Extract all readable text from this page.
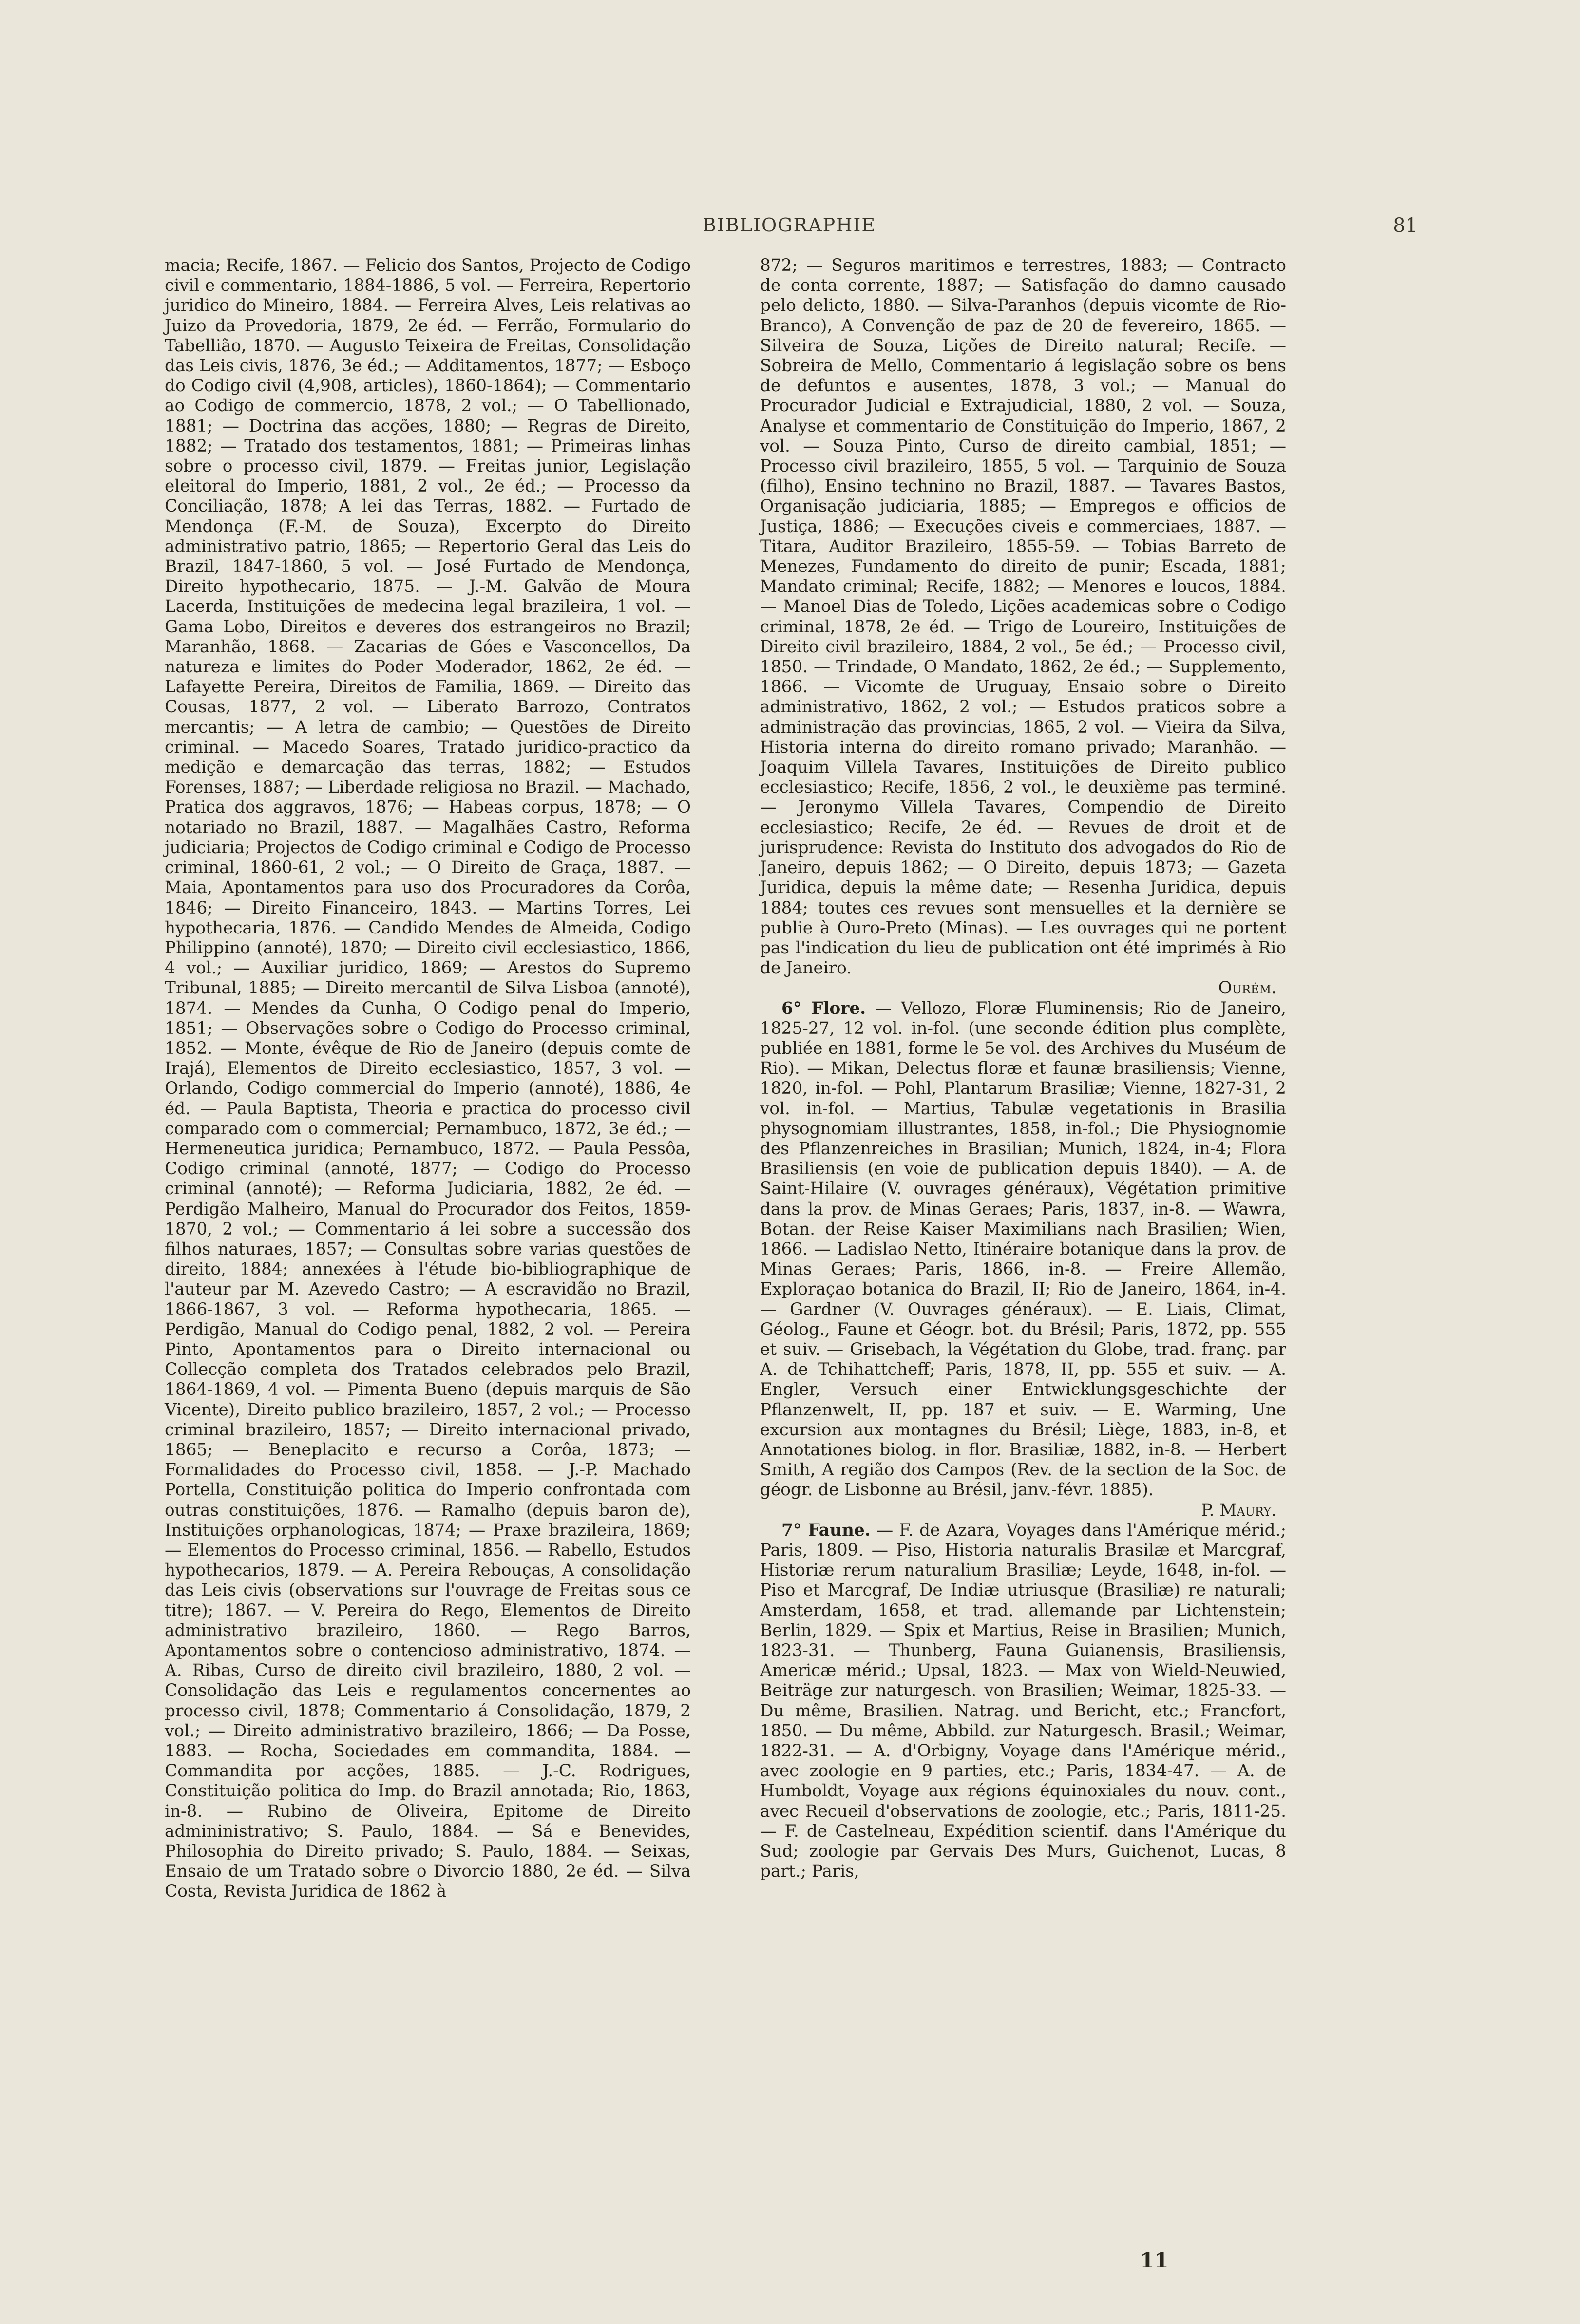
BIBLIOGRAPHIE	81

macia; Recife, 1867. — Felicio dos Santos, Projecto de Codigo civil e commentario, 1884-1886, 5 vol. — Ferreira, Repertorio juridico do Mineiro, 1884. — Ferreira Alves, Leis relativas ao Juizo da Provedoria, 1879, 2e éd. — Ferrão, Formulario do Tabellião, 1870. — Augusto Teixeira de Freitas, Consolidação das Leis civis, 1876, 3e éd.; — Additamentos, 1877; — Esboço do Codigo civil (4,908, articles), 1860-1864); — Commentario ao Codigo de commercio, 1878, 2 vol.; — O Tabellionado, 1881; — Doctrina das acções, 1880; — Regras de Direito, 1882; — Tratado dos testamentos, 1881; — Primeiras linhas sobre o processo civil, 1879. — Freitas junior, Legislação eleitoral do Imperio, 1881, 2 vol., 2e éd.; — Processo da Conciliação, 1878; A lei das Terras, 1882. — Furtado de Mendonça (F.-M. de Souza), Excerpto do Direito administrativo patrio, 1865; — Repertorio Geral das Leis do Brazil, 1847-1860, 5 vol. — José Furtado de Mendonça, Direito hypothecario, 1875. — J.-M. Galvão de Moura Lacerda, Instituições de medecina legal brazileira, 1 vol. — Gama Lobo, Direitos e deveres dos estrangeiros no Brazil; Maranhão, 1868. — Zacarias de Góes e Vasconcellos, Da natureza e limites do Poder Moderador, 1862, 2e éd. — Lafayette Pereira, Direitos de Familia, 1869. — Direito das Cousas, 1877, 2 vol. — Liberato Barrozo, Contratos mercantis; — A letra de cambio; — Questões de Direito criminal. — Macedo Soares, Tratado juridico-practico da medição e demarcação das terras, 1882; — Estudos Forenses, 1887; — Liberdade religiosa no Brazil. — Machado, Pratica dos aggravos, 1876; — Habeas corpus, 1878; — O notariado no Brazil, 1887. — Magalhães Castro, Reforma judiciaria; Projectos de Codigo criminal e Codigo de Processo criminal, 1860-61, 2 vol.; — O Direito de Graça, 1887. — Maia, Apontamentos para uso dos Procuradores da Corôa, 1846; — Direito Financeiro, 1843. — Martins Torres, Lei hypothecaria, 1876. — Candido Mendes de Almeida, Codigo Philippino (annoté), 1870; — Direito civil ecclesiastico, 1866, 4 vol.; — Auxiliar juridico, 1869; — Arestos do Supremo Tribunal, 1885; — Direito mercantil de Silva Lisboa (annoté), 1874. — Mendes da Cunha, O Codigo penal do Imperio, 1851; — Observações sobre o Codigo do Processo criminal, 1852. — Monte, évêque de Rio de Janeiro (depuis comte de Irajá), Elementos de Direito ecclesiastico, 1857, 3 vol. — Orlando, Codigo commercial do Imperio (annoté), 1886, 4e éd. — Paula Baptista, Theoria e practica do processo civil comparado com o commercial; Pernambuco, 1872, 3e éd.; — Hermeneutica juridica; Pernambuco, 1872. — Paula Pessôa, Codigo criminal (annoté, 1877; — Codigo do Processo criminal (annoté); — Reforma Judiciaria, 1882, 2e éd. — Perdigão Malheiro, Manual do Procurador dos Feitos, 1859-1870, 2 vol.; — Commentario á lei sobre a successão dos filhos naturaes, 1857; — Consultas sobre varias questões de direito, 1884; annexées à l'étude bio-bibliographique de l'auteur par M. Azevedo Castro; — A escravidão no Brazil, 1866-1867, 3 vol. — Reforma hypothecaria, 1865. — Perdigão, Manual do Codigo penal, 1882, 2 vol. — Pereira Pinto, Apontamentos para o Direito internacional ou Collecção completa dos Tratados celebrados pelo Brazil, 1864-1869, 4 vol. — Pimenta Bueno (depuis marquis de São Vicente), Direito publico brazileiro, 1857, 2 vol.; — Processo criminal brazileiro, 1857; — Direito internacional privado, 1865; — Beneplacito e recurso a Corôa, 1873; — Formalidades do Processo civil, 1858. — J.-P. Machado Portella, Constituição politica do Imperio confrontada com outras constituições, 1876. — Ramalho (depuis baron de), Instituições orphanologicas, 1874; — Praxe brazileira, 1869; — Elementos do Processo criminal, 1856. — Rabello, Estudos hypothecarios, 1879. — A. Pereira Rebouças, A consolidação das Leis civis (observations sur l'ouvrage de Freitas sous ce titre); 1867. — V. Pereira do Rego, Elementos de Direito administrativo brazileiro, 1860. — Rego Barros, Apontamentos sobre o contencioso administrativo, 1874. — A. Ribas, Curso de direito civil brazileiro, 1880, 2 vol. — Consolidação das Leis e regulamentos concernentes ao processo civil, 1878; Commentario á Consolidação, 1879, 2 vol.; — Direito administrativo brazileiro, 1866; — Da Posse, 1883. — Rocha, Sociedades em commandita, 1884. — Commandita por acções, 1885. — J.-C. Rodrigues, Constituição politica do Imp. do Brazil annotada; Rio, 1863, in-8. — Rubino de Oliveira, Epitome de Direito admininistrativo; S. Paulo, 1884. — Sá e Benevides, Philosophia do Direito privado; S. Paulo, 1884. — Seixas, Ensaio de um Tratado sobre o Divorcio 1880, 2e éd. — Silva Costa, Revista Juridica de 1862 à

872; — Seguros maritimos e terrestres, 1883; — Contracto de conta corrente, 1887; — Satisfação do damno causado pelo delicto, 1880. — Silva-Paranhos (depuis vicomte de Rio-Branco), A Convenção de paz de 20 de fevereiro, 1865. — Silveira de Souza, Lições de Direito natural; Recife. — Sobreira de Mello, Commentario á legislação sobre os bens de defuntos e ausentes, 1878, 3 vol.; — Manual do Procurador Judicial e Extrajudicial, 1880, 2 vol. — Souza, Analyse et commentario de Constituição do Imperio, 1867, 2 vol. — Souza Pinto, Curso de direito cambial, 1851; — Processo civil brazileiro, 1855, 5 vol. — Tarquinio de Souza (filho), Ensino technino no Brazil, 1887. — Tavares Bastos, Organisação judiciaria, 1885; — Empregos e officios de Justiça, 1886; — Execuções civeis e commerciaes, 1887. — Titara, Auditor Brazileiro, 1855-59. — Tobias Barreto de Menezes, Fundamento do direito de punir; Escada, 1881; Mandato criminal; Recife, 1882; — Menores e loucos, 1884. — Manoel Dias de Toledo, Lições academicas sobre o Codigo criminal, 1878, 2e éd. — Trigo de Loureiro, Instituições de Direito civil brazileiro, 1884, 2 vol., 5e éd.; — Processo civil, 1850. — Trindade, O Mandato, 1862, 2e éd.; — Supplemento, 1866. — Vicomte de Uruguay, Ensaio sobre o Direito administrativo, 1862, 2 vol.; — Estudos praticos sobre a administração das provincias, 1865, 2 vol. — Vieira da Silva, Historia interna do direito romano privado; Maranhão. — Joaquim Villela Tavares, Instituições de Direito publico ecclesiastico; Recife, 1856, 2 vol., le deuxième pas terminé. — Jeronymo Villela Tavares, Compendio de Direito ecclesiastico; Recife, 2e éd. — Revues de droit et de jurisprudence: Revista do Instituto dos advogados do Rio de Janeiro, depuis 1862; — O Direito, depuis 1873; — Gazeta Juridica, depuis la même date; — Resenha Juridica, depuis 1884; toutes ces revues sont mensuelles et la dernière se publie à Ouro-Preto (Minas). — Les ouvrages qui ne portent pas l'indication du lieu de publication ont été imprimés à Rio de Janeiro.

Ourém.

6° Flore. — Vellozo, Floræ Fluminensis; Rio de Janeiro, 1825-27, 12 vol. in-fol. (une seconde édition plus complète, publiée en 1881, forme le 5e vol. des Archives du Muséum de Rio). — Mikan, Delectus floræ et faunæ brasiliensis; Vienne, 1820, in-fol. — Pohl, Plantarum Brasiliæ; Vienne, 1827-31, 2 vol. in-fol. — Martius, Tabulæ vegetationis in Brasilia physognomiam illustrantes, 1858, in-fol.; Die Physiognomie des Pflanzenreiches in Brasilian; Munich, 1824, in-4; Flora Brasiliensis (en voie de publication depuis 1840). — A. de Saint-Hilaire (V. ouvrages généraux), Végétation primitive dans la prov. de Minas Geraes; Paris, 1837, in-8. — Wawra, Botan. der Reise Kaiser Maximilians nach Brasilien; Wien, 1866. — Ladislao Netto, Itinéraire botanique dans la prov. de Minas Geraes; Paris, 1866, in-8. — Freire Allemão, Exploraçao botanica do Brazil, II; Rio de Janeiro, 1864, in-4. — Gardner (V. Ouvrages généraux). — E. Liais, Climat, Géolog., Faune et Géogr. bot. du Brésil; Paris, 1872, pp. 555 et suiv. — Grisebach, la Végétation du Globe, trad. franç. par A. de Tchihattcheff; Paris, 1878, II, pp. 555 et suiv. — A. Engler, Versuch einer Entwicklungsgeschichte der Pflanzenwelt, II, pp. 187 et suiv. — E. Warming, Une excursion aux montagnes du Brésil; Liège, 1883, in-8, et Annotationes biolog. in flor. Brasiliæ, 1882, in-8. — Herbert Smith, A região dos Campos (Rev. de la section de la Soc. de géogr. de Lisbonne au Brésil, janv.-févr. 1885).

P. Maury.

7° Faune. — F. de Azara, Voyages dans l'Amérique mérid.; Paris, 1809. — Piso, Historia naturalis Brasilæ et Marcgraf, Historiæ rerum naturalium Brasiliæ; Leyde, 1648, in-fol. — Piso et Marcgraf, De Indiæ utriusque (Brasiliæ) re naturali; Amsterdam, 1658, et trad. allemande par Lichtenstein; Berlin, 1829. — Spix et Martius, Reise in Brasilien; Munich, 1823-31. — Thunberg, Fauna Guianensis, Brasiliensis, Americæ mérid.; Upsal, 1823. — Max von Wield-Neuwied, Beiträge zur naturgesch. von Brasilien; Weimar, 1825-33. — Du même, Brasilien. Natrag. und Bericht, etc.; Francfort, 1850. — Du même, Abbild. zur Naturgesch. Brasil.; Weimar, 1822-31. — A. d'Orbigny, Voyage dans l'Amérique mérid., avec zoologie en 9 parties, etc.; Paris, 1834-47. — A. de Humboldt, Voyage aux régions équinoxiales du nouv. cont., avec Recueil d'observations de zoologie, etc.; Paris, 1811-25. — F. de Castelneau, Expédition scientif. dans l'Amérique du Sud; zoologie par Gervais Des Murs, Guichenot, Lucas, 8 part.; Paris,

11
